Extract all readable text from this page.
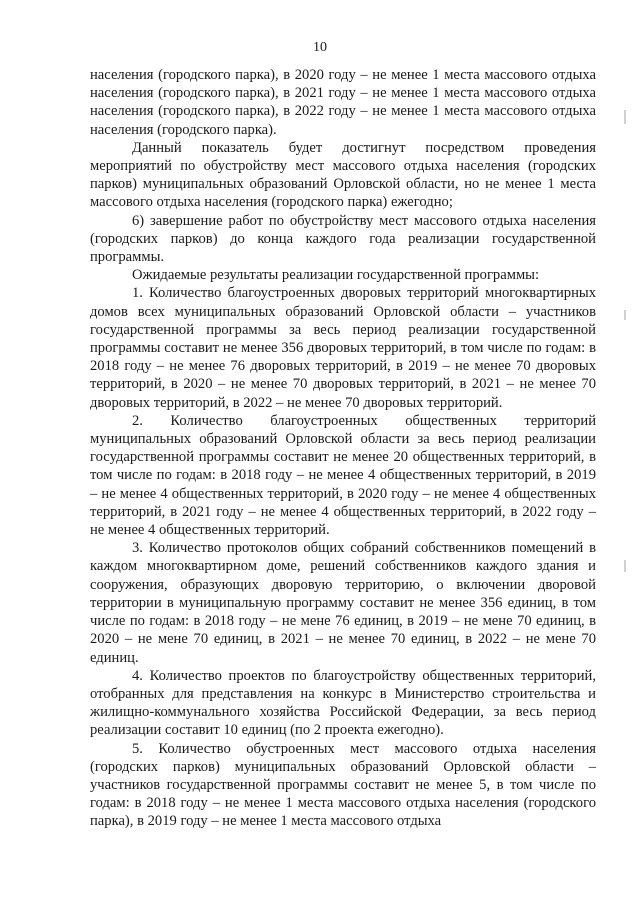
10

населения (городского парка), в 2020 году – не менее 1 места массового отдыха населения (городского парка), в 2021 году – не менее 1 места массового отдыха населения (городского парка), в 2022 году – не менее 1 места массового отдыха населения (городского парка).

Данный показатель будет достигнут посредством проведения мероприятий по обустройству мест массового отдыха населения (городских парков) муниципальных образований Орловской области, но не менее 1 места массового отдыха населения (городского парка) ежегодно;

6) завершение работ по обустройству мест массового отдыха населения (городских парков) до конца каждого года реализации государственной программы.

Ожидаемые результаты реализации государственной программы:

1. Количество благоустроенных дворовых территорий многоквартирных домов всех муниципальных образований Орловской области – участников государственной программы за весь период реализации государственной программы составит не менее 356 дворовых территорий, в том числе по годам: в 2018 году – не менее 76 дворовых территорий, в 2019 – не менее 70 дворовых территорий, в 2020 – не менее 70 дворовых территорий, в 2021 – не менее 70 дворовых территорий, в 2022 – не менее 70 дворовых территорий.

2. Количество благоустроенных общественных территорий муниципальных образований Орловской области за весь период реализации государственной программы составит не менее 20 общественных территорий, в том числе по годам: в 2018 году – не менее 4 общественных территорий, в 2019 – не менее 4 общественных территорий, в 2020 году – не менее 4 общественных территорий, в 2021 году – не менее 4 общественных территорий, в 2022 году – не менее 4 общественных территорий.

3. Количество протоколов общих собраний собственников помещений в каждом многоквартирном доме, решений собственников каждого здания и сооружения, образующих дворовую территорию, о включении дворовой территории в муниципальную программу составит не менее 356 единиц, в том числе по годам: в 2018 году – не мене 76 единиц, в 2019 – не мене 70 единиц, в 2020 – не мене 70 единиц, в 2021 – не менее 70 единиц, в 2022 – не мене 70 единиц.

4. Количество проектов по благоустройству общественных территорий, отобранных для представления на конкурс в Министерство строительства и жилищно-коммунального хозяйства Российской Федерации, за весь период реализации составит 10 единиц (по 2 проекта ежегодно).

5. Количество обустроенных мест массового отдыха населения (городских парков) муниципальных образований Орловской области – участников государственной программы составит не менее 5, в том числе по годам: в 2018 году – не менее 1 места массового отдыха населения (городского парка), в 2019 году – не менее 1 места массового отдыха
